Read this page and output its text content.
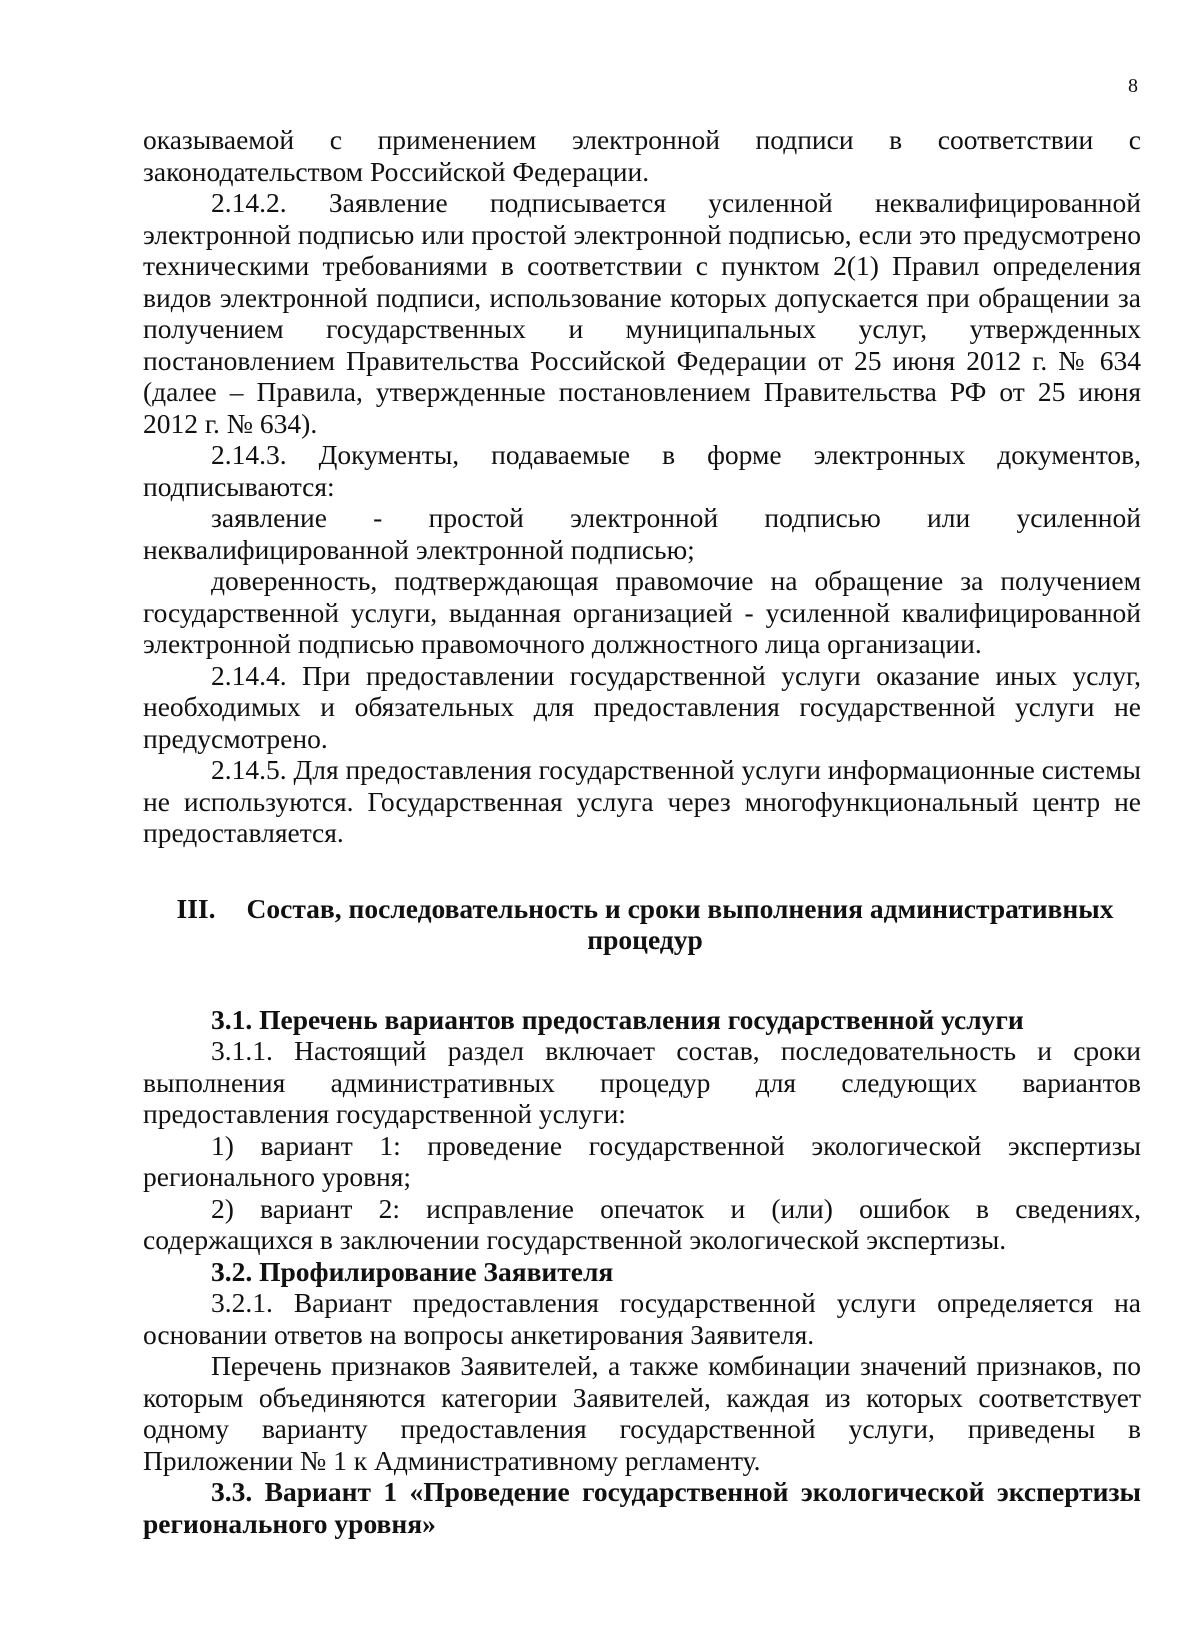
8

оказываемой с применением электронной подписи в соответствии с законодательством Российской Федерации.

2.14.2. Заявление подписывается усиленной неквалифицированной электронной подписью или простой электронной подписью, если это предусмотрено техническими требованиями в соответствии с пунктом 2(1) Правил определения видов электронной подписи, использование которых допускается при обращении за получением государственных и муниципальных услуг, утвержденных постановлением Правительства Российской Федерации от 25 июня 2012 г. № 634 (далее – Правила, утвержденные постановлением Правительства РФ от 25 июня 2012 г. № 634).

2.14.3. Документы, подаваемые в форме электронных документов, подписываются:

заявление - простой электронной подписью или усиленной неквалифицированной электронной подписью;

доверенность, подтверждающая правомочие на обращение за получением государственной услуги, выданная организацией - усиленной квалифицированной электронной подписью правомочного должностного лица организации.

2.14.4. При предоставлении государственной услуги оказание иных услуг, необходимых и обязательных для предоставления государственной услуги не предусмотрено.

2.14.5. Для предоставления государственной услуги информационные системы не используются. Государственная услуга через многофункциональный центр не предоставляется.

III. Состав, последовательность и сроки выполнения административных процедур

3.1. Перечень вариантов предоставления государственной услуги

3.1.1. Настоящий раздел включает состав, последовательность и сроки выполнения административных процедур для следующих вариантов предоставления государственной услуги:

1) вариант 1: проведение государственной экологической экспертизы регионального уровня;

2) вариант 2: исправление опечаток и (или) ошибок в сведениях, содержащихся в заключении государственной экологической экспертизы.

3.2. Профилирование Заявителя

3.2.1. Вариант предоставления государственной услуги определяется на основании ответов на вопросы анкетирования Заявителя.

Перечень признаков Заявителей, а также комбинации значений признаков, по которым объединяются категории Заявителей, каждая из которых соответствует одному варианту предоставления государственной услуги, приведены в Приложении № 1 к Административному регламенту.

3.3. Вариант 1 «Проведение государственной экологической экспертизы регионального уровня»
